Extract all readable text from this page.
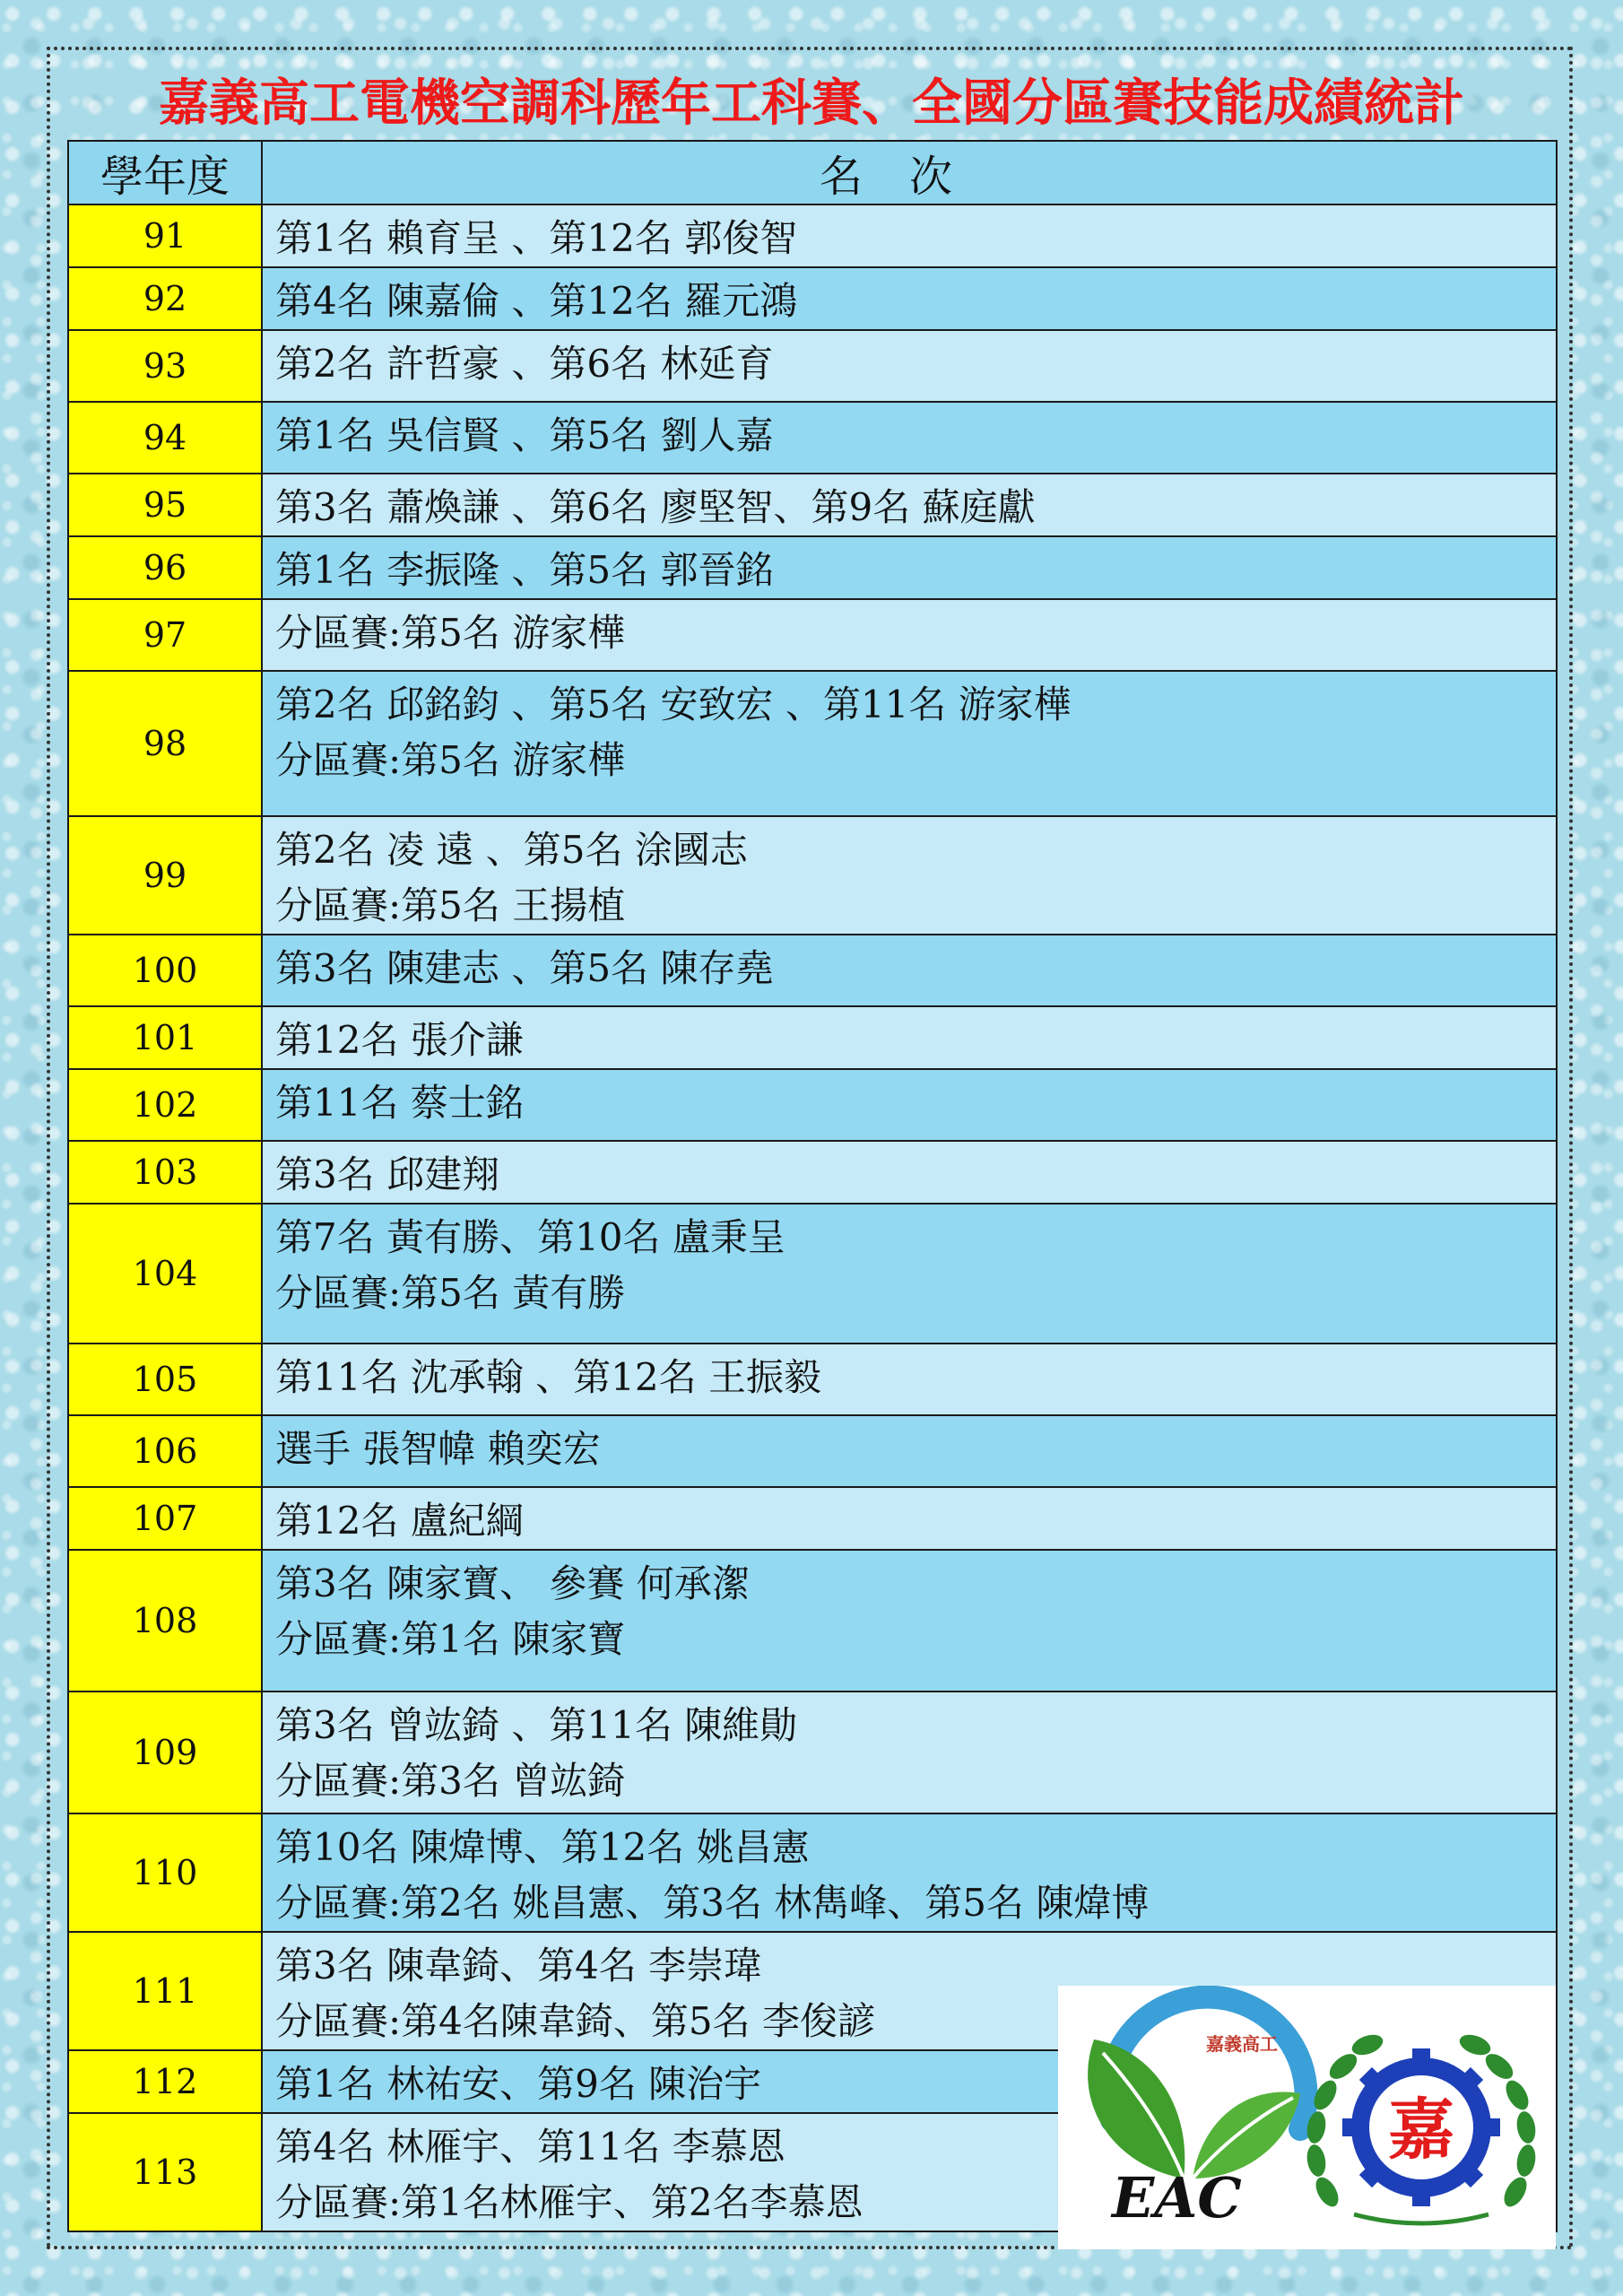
嘉義高工電機空調科歷年工科賽、全國分區賽技能成績統計
學年度	名次
91	第1名 賴育呈 、第12名 郭俊智

92	第4名 陳嘉倫 、第12名 羅元鴻

93	第2名 許哲豪 、第6名 林延育

94	第1名 吳信賢 、第5名 劉人嘉

95	第3名 蕭煥謙 、第6名 廖堅智、第9名 蘇庭獻

96	第1名 李振隆 、第5名 郭晉銘

97	分區賽:第5名 游家樺

98	第2名 邱銘鈞 、第5名 安致宏 、第11名 游家樺
分區賽:第5名 游家樺

99	第2名 凌 遠 、第5名 涂國志
分區賽:第5名 王揚植

100	第3名 陳建志 、第5名 陳存堯

101	第12名 張介謙

102	第11名 蔡士銘

103	第3名 邱建翔

104	第7名 黃有勝、第10名 盧秉呈
分區賽:第5名 黃有勝

105	第11名 沈承翰 、第12名 王振毅

106	選手 張智幃 賴奕宏

107	第12名 盧紀綱

108	第3名 陳家寶、 參賽 何承㵖
分區賽:第1名 陳家寶

109	第3名 曾竑錡 、第11名 陳維勛
分區賽:第3名 曾竑錡

110	第10名 陳煒博、第12名 姚昌憲
分區賽:第2名 姚昌憲、第3名 林雋峰、第5名 陳煒博

111	第3名 陳韋錡、第4名 李崇瑋
分區賽:第4名陳韋錡、第5名 李俊諺

112	第1名 林祐安、第9名 陳治宇

113	第4名 林雁宇、第11名 李慕恩
分區賽:第1名林雁宇、第2名李慕恩
嘉義高工
EAC
嘉
